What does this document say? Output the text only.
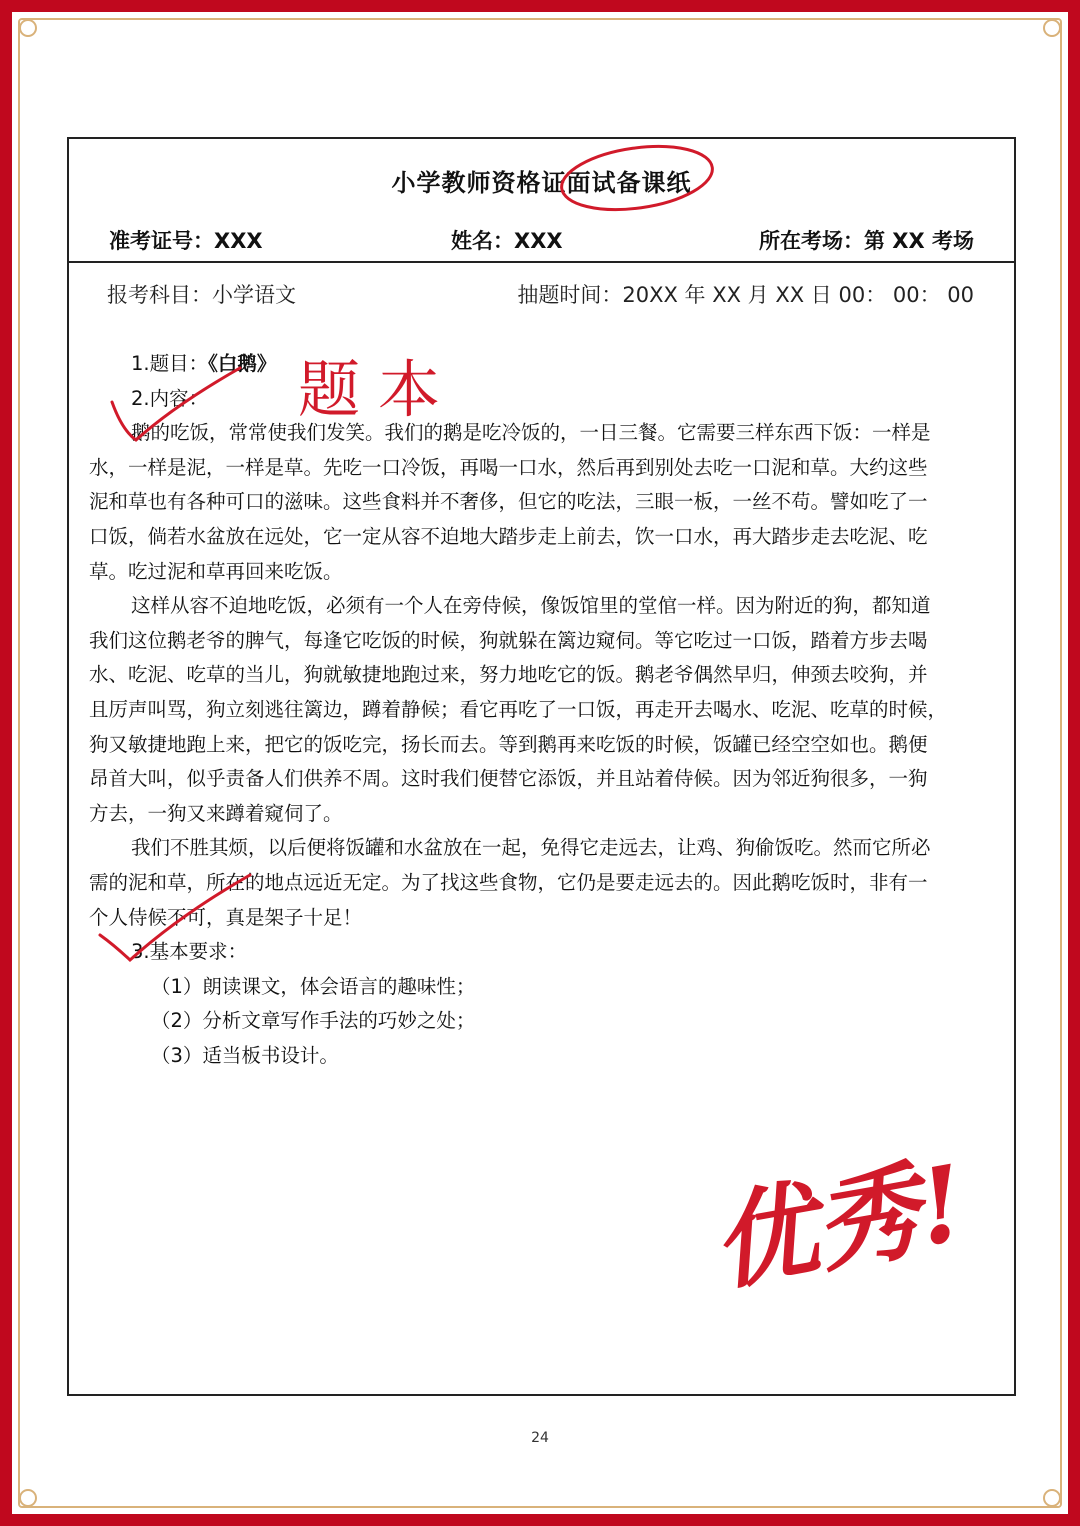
小学教师资格证面试备课纸
准考证号：XXX	姓名：XXX	所在考场：第 XX 考场
报考科目：小学语文	抽题时间：20XX 年 XX 月 XX 日 00： 00： 00
1.题目：《白鹅》
2.内容：
鹅的吃饭，常常使我们发笑。我们的鹅是吃冷饭的，一日三餐。它需要三样东西下饭：一样是
水，一样是泥，一样是草。先吃一口冷饭，再喝一口水，然后再到别处去吃一口泥和草。大约这些
泥和草也有各种可口的滋味。这些食料并不奢侈，但它的吃法，三眼一板，一丝不苟。譬如吃了一
口饭，倘若水盆放在远处，它一定从容不迫地大踏步走上前去，饮一口水，再大踏步走去吃泥、吃
草。吃过泥和草再回来吃饭。
这样从容不迫地吃饭，必须有一个人在旁侍候，像饭馆里的堂倌一样。因为附近的狗，都知道
我们这位鹅老爷的脾气，每逢它吃饭的时候，狗就躲在篱边窥伺。等它吃过一口饭，踏着方步去喝
水、吃泥、吃草的当儿，狗就敏捷地跑过来，努力地吃它的饭。鹅老爷偶然早归，伸颈去咬狗，并
且厉声叫骂，狗立刻逃往篱边，蹲着静候；看它再吃了一口饭，再走开去喝水、吃泥、吃草的时候，
狗又敏捷地跑上来，把它的饭吃完，扬长而去。等到鹅再来吃饭的时候，饭罐已经空空如也。鹅便
昂首大叫，似乎责备人们供养不周。这时我们便替它添饭，并且站着侍候。因为邻近狗很多，一狗
方去，一狗又来蹲着窥伺了。
我们不胜其烦，以后便将饭罐和水盆放在一起，免得它走远去，让鸡、狗偷饭吃。然而它所必
需的泥和草，所在的地点远近无定。为了找这些食物，它仍是要走远去的。因此鹅吃饭时，非有一
个人侍候不可，真是架子十足！
3.基本要求：
（1）朗读课文，体会语言的趣味性；
（2）分析文章写作手法的巧妙之处；
（3）适当板书设计。
24
题本
优秀!
